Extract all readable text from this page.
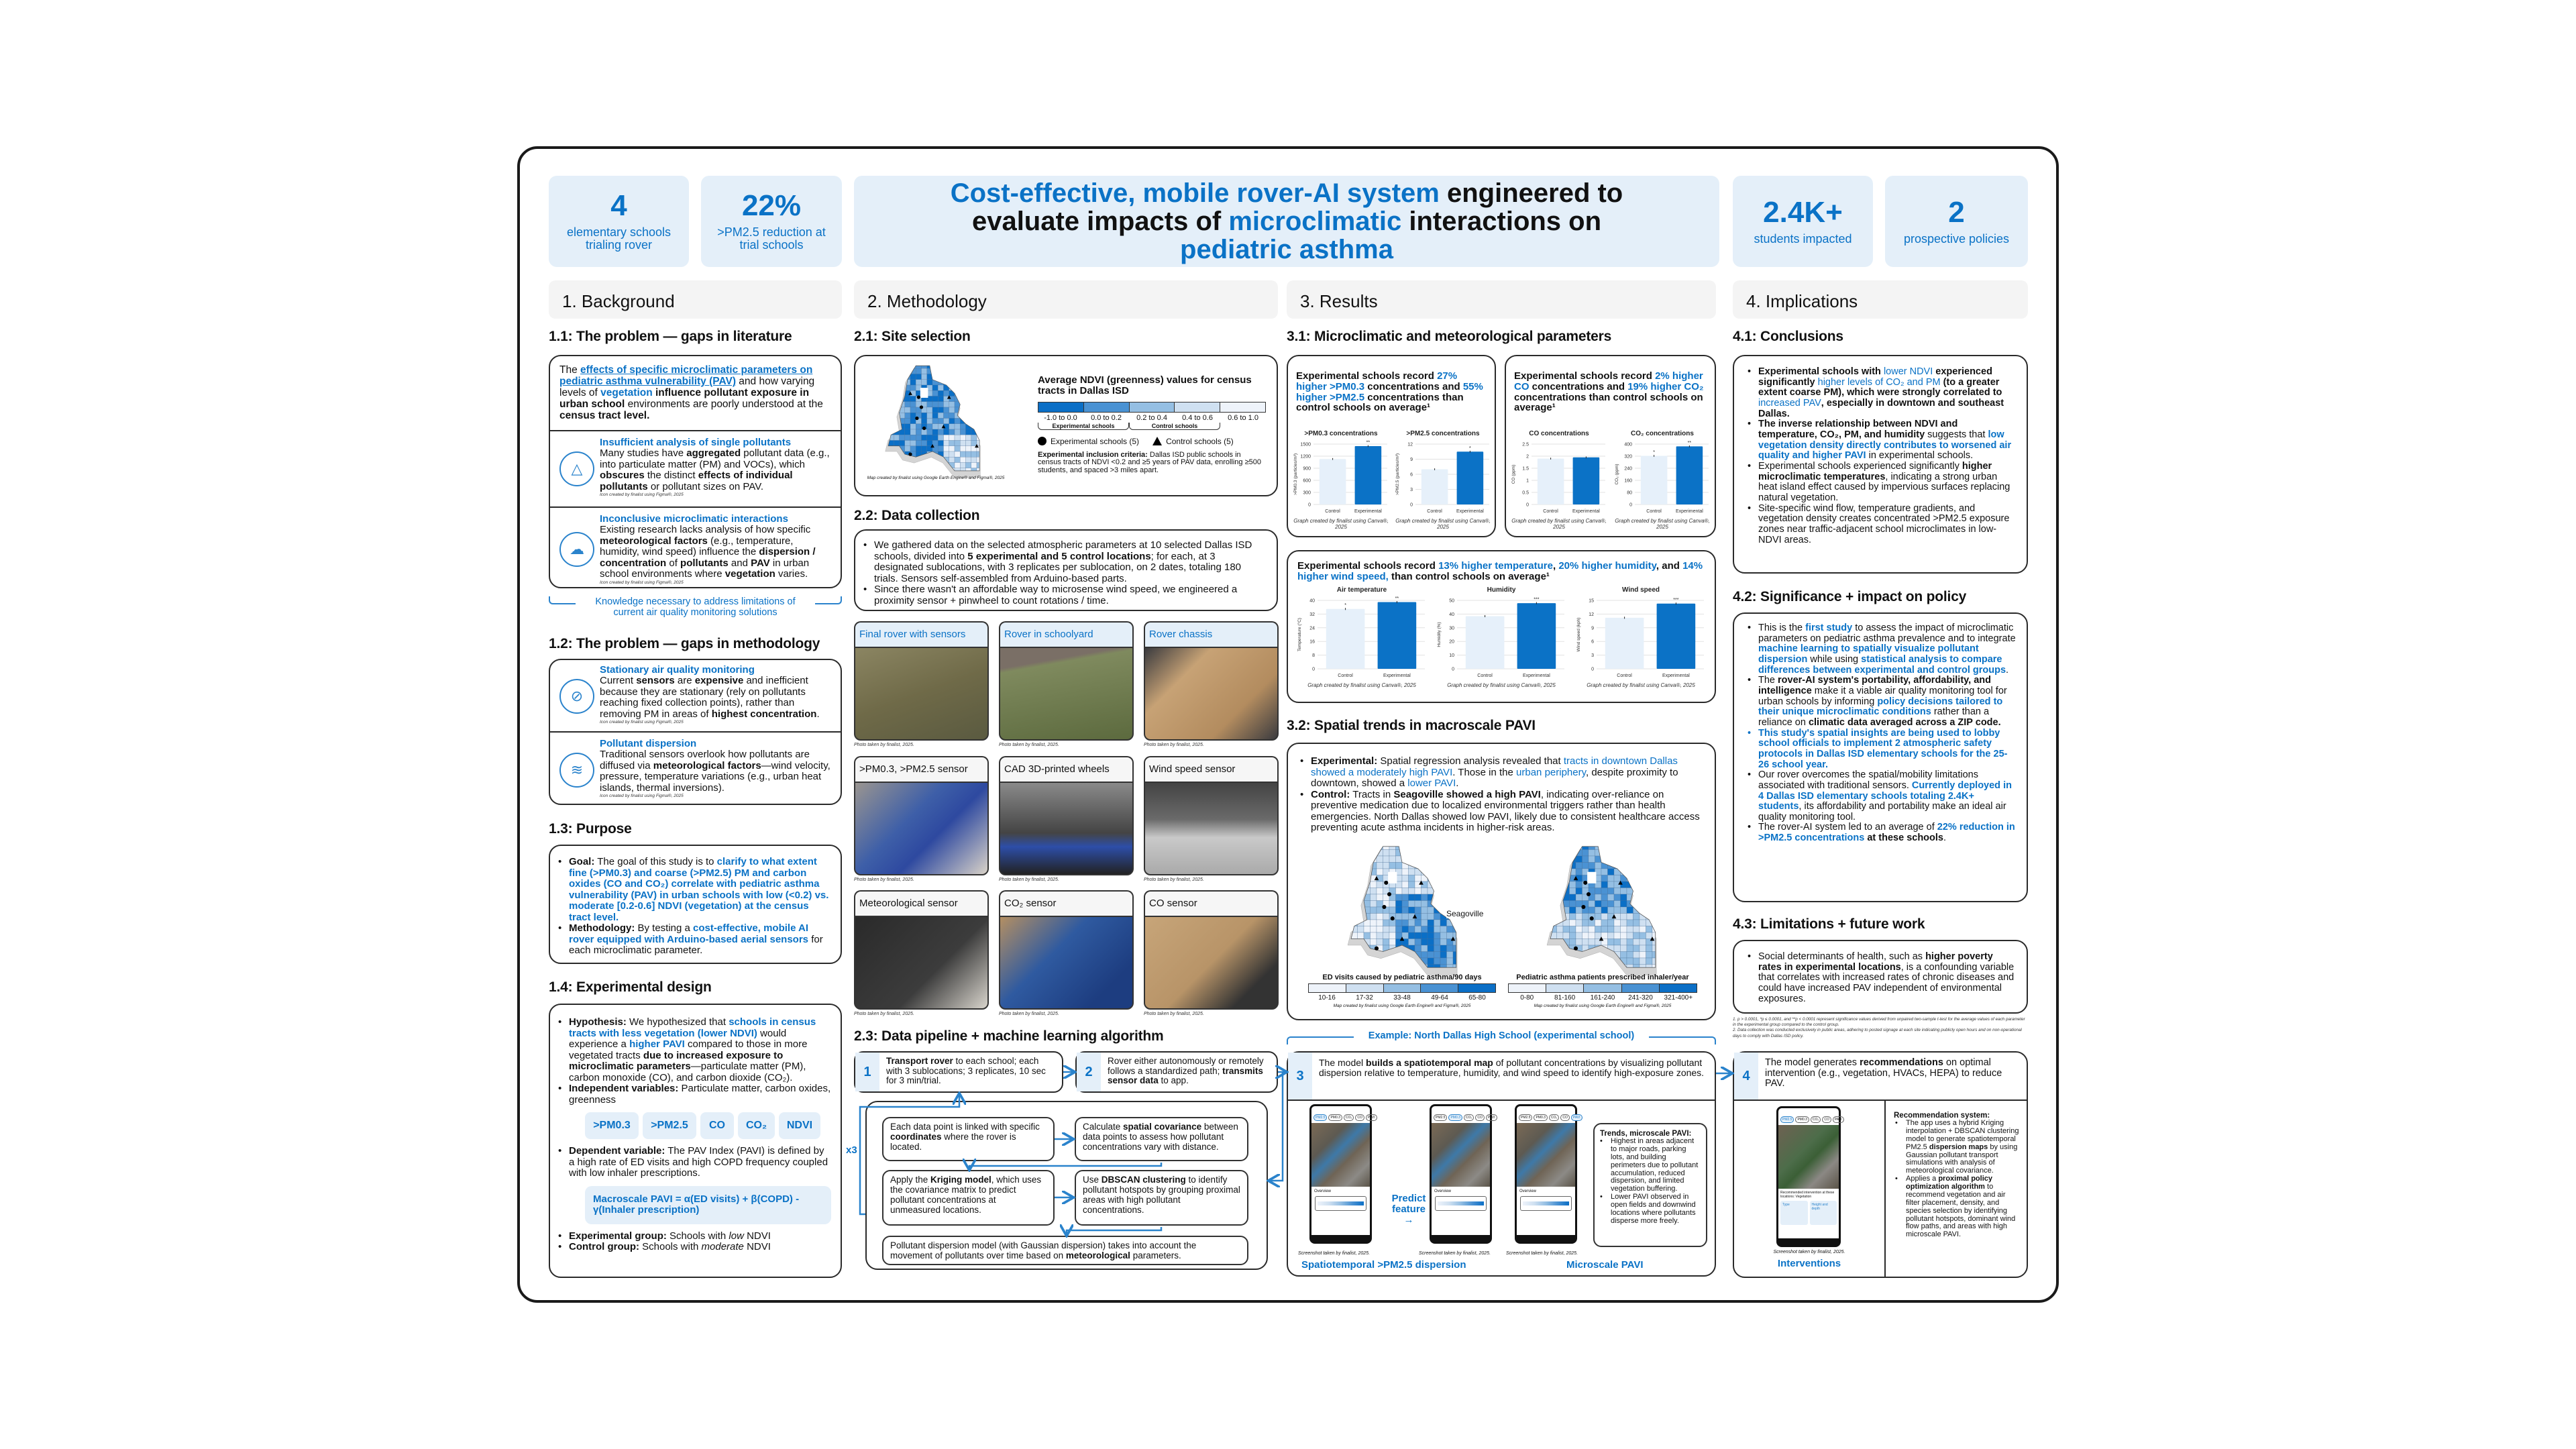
4
elementary schools trialing rover
22%
>PM2.5 reduction at trial schools
Cost-effective, mobile rover-AI system engineered to evaluate impacts of microclimatic interactions on pediatric asthma
2.4K+
students impacted
2
prospective policies
1. Background	2. Methodology	3. Results	4. Implications
1.1: The problem — gaps in literature
The effects of specific microclimatic parameters on pediatric asthma vulnerability (PAV) and how varying levels of vegetation influence pollutant exposure in urban school environments are poorly understood at the census tract level.
△
Insufficient analysis of single pollutants
Many studies have aggregated pollutant data (e.g., into particulate matter (PM) and VOCs), which obscures the distinct effects of individual pollutants or pollutant sizes on PAV.
Icon created by finalist using Figma®, 2025
☁
Inconclusive microclimatic interactions
Existing research lacks analysis of how specific meteorological factors (e.g., temperature, humidity, wind speed) influence the dispersion / concentration of pollutants and PAV in urban school environments where vegetation varies.
Icon created by finalist using Figma®, 2025
Knowledge necessary to address limitations of current air quality monitoring solutions
1.2: The problem — gaps in methodology
⊘
Stationary air quality monitoring
Current sensors are expensive and inefficient because they are stationary (rely on pollutants reaching fixed collection points), rather than removing PM in areas of highest concentration.
Icon created by finalist using Figma®, 2025
≋
Pollutant dispersion
Traditional sensors overlook how pollutants are diffused via meteorological factors—wind velocity, pressure, temperature variations (e.g., urban heat islands, thermal inversions).
Icon created by finalist using Figma®, 2025
1.3: Purpose
• Goal: The goal of this study is to clarify to what extent fine (>PM0.3) and coarse (>PM2.5) PM and carbon oxides (CO and CO₂) correlate with pediatric asthma vulnerability (PAV) in urban schools with low (<0.2) vs. moderate [0.2-0.6] NDVI (vegetation) at the census tract level.
• Methodology: By testing a cost-effective, mobile AI rover equipped with Arduino-based aerial sensors for each microclimatic parameter.
1.4: Experimental design
• Hypothesis: We hypothesized that schools in census tracts with less vegetation (lower NDVI) would experience a higher PAVI compared to those in more vegetated tracts due to increased exposure to microclimatic parameters—particulate matter (PM), carbon monoxide (CO), and carbon dioxide (CO₂).
• Independent variables: Particulate matter, carbon oxides, greenness
>PM0.3	>PM2.5	CO	CO₂	NDVI
• Dependent variable: The PAV Index (PAVI) is defined by a high rate of ED visits and high COPD frequency coupled with low inhaler prescriptions.
Macroscale PAVI = α(ED visits) + β(COPD) - γ(Inhaler prescription)
• Experimental group: Schools with low NDVI
• Control group: Schools with moderate NDVI
2.1: Site selection
Map created by finalist using Google Earth Engine® and Figma®, 2025
Average NDVI (greenness) values for census tracts in Dallas ISD
-1.0 to 0.0	0.0 to 0.2	0.2 to 0.4	0.4 to 0.6	0.6 to 1.0
Experimental schools	Control schools
Experimental schools (5)	Control schools (5)
Experimental inclusion criteria: Dallas ISD public schools in census tracts of NDVI <0.2 and ≥5 years of PAV data, enrolling ≥500 students, and spaced >3 miles apart.
2.2: Data collection
• We gathered data on the selected atmospheric parameters at 10 selected Dallas ISD schools, divided into 5 experimental and 5 control locations; for each, at 3 designated sublocations, with 3 replicates per sublocation, on 2 dates, totaling 180 trials. Sensors self-assembled from Arduino-based parts.
• Since there wasn't an affordable way to microsense wind speed, we engineered a proximity sensor + pinwheel to count rotations / time.
Final rover with sensors
Photo taken by finalist, 2025.
Rover in schoolyard
Photo taken by finalist, 2025.
Rover chassis
Photo taken by finalist, 2025.
>PM0.3, >PM2.5 sensor
Photo taken by finalist, 2025.
CAD 3D-printed wheels
Photo taken by finalist, 2025.
Wind speed sensor
Photo taken by finalist, 2025.
Meteorological sensor
Photo taken by finalist, 2025.
CO₂ sensor
Photo taken by finalist, 2025.
CO sensor
Photo taken by finalist, 2025.
2.3: Data pipeline + machine learning algorithm
1
Transport rover to each school; each with 3 sublocations; 3 replicates, 10 sec for 3 min/trial.
2
Rover either autonomously or remotely follows a standardized path; transmits sensor data to app.
Each data point is linked with specific coordinates where the rover is located.
Calculate spatial covariance between data points to assess how pollutant concentrations vary with distance.
Apply the Kriging model, which uses the covariance matrix to predict pollutant concentrations at unmeasured locations.
Use DBSCAN clustering to identify pollutant hotspots by grouping proximal areas with high pollutant concentrations.
Pollutant dispersion model (with Gaussian dispersion) takes into account the movement of pollutants over time based on meteorological parameters.
x3
3.1: Microclimatic and meteorological parameters
Experimental schools record 27% higher >PM0.3 concentrations and 55% higher >PM2.5 concentrations than control schools on average¹
>PM0.3 concentrations
0
300
600
900
1200
1500
>PM0.3 (particles/m³)
Control
**
Experimental
Graph created by finalist using Canva®, 2025
>PM2.5 concentrations
0
3
6
9
12
>PM2.5 (particles/m³)
Control
*
Experimental
Graph created by finalist using Canva®, 2025
Experimental schools record 2% higher CO concentrations and 19% higher CO₂ concentrations than control schools on average¹
CO concentrations
0
0.5
1
1.5
2
2.5
CO (ppm)
Control	Experimental
Graph created by finalist using Canva®, 2025
CO₂ concentrations
0
80
160
240
320
400
CO₂ (ppm)
*
Control
**
Experimental
Graph created by finalist using Canva®, 2025
Experimental schools record 13% higher temperature, 20% higher humidity, and 14% higher wind speed, than control schools on average¹
Air temperature
0
8
16
24
32
40
Temperature (°C)
*
Control
**
Experimental
Graph created by finalist using Canva®, 2025
Humidity
0
10
20
30
40
50
Humidity (%)
Control
***
Experimental
Graph created by finalist using Canva®, 2025
Wind speed
0
3
6
9
12
15
Wind speed (kph)
Control
***
Experimental
Graph created by finalist using Canva®, 2025
3.2: Spatial trends in macroscale PAVI
• Experimental: Spatial regression analysis revealed that tracts in downtown Dallas showed a moderately high PAVI. Those in the urban periphery, despite proximity to downtown, showed a lower PAVI.
• Control: Tracts in Seagoville showed a high PAVI, indicating over-reliance on preventive medication due to localized environmental triggers rather than health emergencies. North Dallas showed low PAVI, likely due to consistent healthcare access preventing acute asthma incidents in higher-risk areas.
Seagoville
ED visits caused by pediatric asthma/90 days
10-16	17-32	33-48	49-64	65-80
Map created by finalist using Google Earth Engine® and Figma®, 2025
Pediatric asthma patients prescribed inhaler/year
0-80	81-160	161-240	241-320	321-400+
Map created by finalist using Google Earth Engine® and Figma®, 2025
Example: North Dallas High School (experimental school)
3
The model builds a spatiotemporal map of pollutant concentrations by visualizing pollutant dispersion relative to temperature, humidity, and wind speed to identify high-exposure zones.
Predict feature
→
Trends, microscale PAVI:
• Highest in areas adjacent to major roads, parking lots, and building perimeters due to pollutant accumulation, reduced dispersion, and limited vegetation buffering.
• Lower PAVI observed in open fields and downwind locations where pollutants disperse more freely.
Screenshot taken by finalist, 2025.	Screenshot taken by finalist, 2025.	Screenshot taken by finalist, 2025.
Spatiotemporal >PM2.5 dispersion	Microscale PAVI
PM2.5	PM0.3	CO₂	CO	PAVI
Overview
PM2.5	PM0.3	CO₂	CO	PAVI
Overview
PM2.5	PM0.3	CO₂	CO	PAVI
Overview
4.1: Conclusions
• Experimental schools with lower NDVI experienced significantly higher levels of CO₂ and PM (to a greater extent coarse PM), which were strongly correlated to increased PAV, especially in downtown and southeast Dallas.
• The inverse relationship between NDVI and temperature, CO₂, PM, and humidity suggests that low vegetation density directly contributes to worsened air quality and higher PAVI in experimental schools.
• Experimental schools experienced significantly higher microclimatic temperatures, indicating a strong urban heat island effect caused by impervious surfaces replacing natural vegetation.
• Site-specific wind flow, temperature gradients, and vegetation density creates concentrated >PM2.5 exposure zones near traffic-adjacent school microclimates in low-NDVI areas.
4.2: Significance + impact on policy
• This is the first study to assess the impact of microclimatic parameters on pediatric asthma prevalence and to integrate machine learning to spatially visualize pollutant dispersion while using statistical analysis to compare differences between experimental and control groups.
• The rover-AI system's portability, affordability, and intelligence make it a viable air quality monitoring tool for urban schools by informing policy decisions tailored to their unique microclimatic conditions rather than a reliance on climatic data averaged across a ZIP code.
• This study's spatial insights are being used to lobby school officials to implement 2 atmospheric safety protocols in Dallas ISD elementary schools for the 25-26 school year.
• Our rover overcomes the spatial/mobility limitations associated with traditional sensors. Currently deployed in 4 Dallas ISD elementary schools totaling 2.4K+ students, its affordability and portability make an ideal air quality monitoring tool.
• The rover-AI system led to an average of 22% reduction in >PM2.5 concentrations at these schools.
4.3: Limitations + future work
• Social determinants of health, such as higher poverty rates in experimental locations, is a confounding variable that correlates with increased rates of chronic diseases and could have increased PAV independent of environmental exposures.
1. p > 0.0001, *p ≤ 0.0001, and **p < 0.0001 represent significance values derived from unpaired two-sample t-test for the average values of each parameter in the experimental group compared to the control group.
2. Data collection was conducted exclusively in public areas, adhering to posted signage at each site indicating publicly open hours and on non-operational days to comply with Dallas ISD policy.
4
The model generates recommendations on optimal intervention (e.g., vegetation, HVACs, HEPA) to reduce PAV.
PM2.5	PM0.3	CO₂	CO	PAVI
Recommended intervention at these locations: Vegetation
Type	Height and depth
Screenshot taken by finalist, 2025.
Interventions
Recommendation system:
• The app uses a hybrid Kriging interpolation + DBSCAN clustering model to generate spatiotemporal PM2.5 dispersion maps by using Gaussian pollutant transport simulations with analysis of meteorological covariance.
• Applies a proximal policy optimization algorithm to recommend vegetation and air filter placement, density, and species selection by identifying pollutant hotspots, dominant wind flow paths, and areas with high microscale PAVI.
